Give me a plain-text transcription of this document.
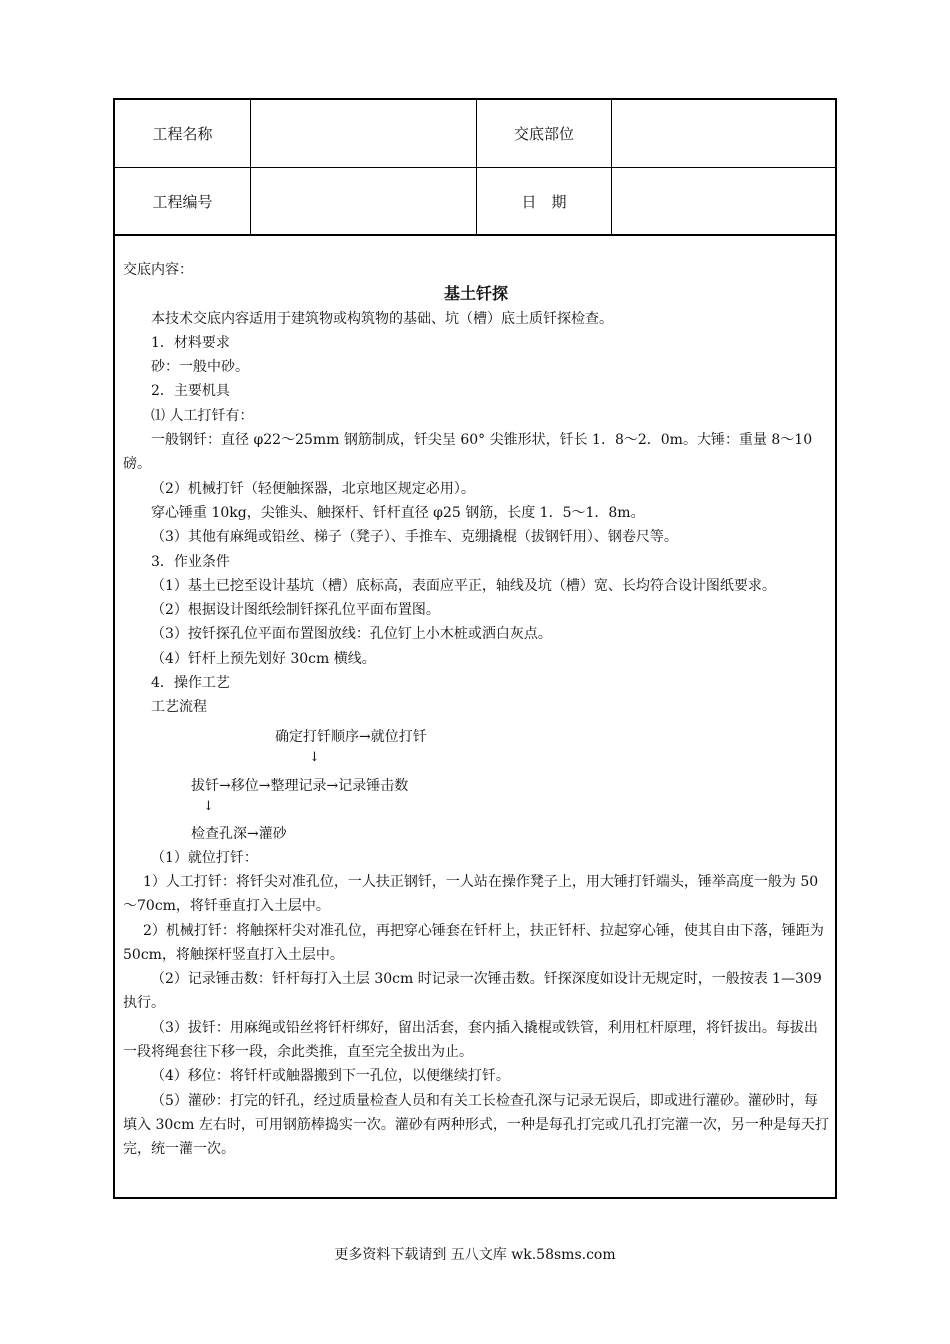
工程名称	交底部位
工程编号	日　期

交底内容：

基土钎探

本技术交底内容适用于建筑物或构筑物的基础、坑（槽）底土质钎探检查。

1．材料要求

砂：一般中砂。

2．主要机具

⑴ 人工打钎有：

一般钢钎：直径 φ22～25mm 钢筋制成，钎尖呈 60° 尖锥形状，钎长 1．8～2．0m。大锤：重量 8～10 磅。

（2）机械打钎（轻便触探器，北京地区规定必用）。

穿心锤重 10kg，尖锥头、触探杆、钎杆直径 φ25 钢筋，长度 1．5～1．8m。

（3）其他有麻绳或铅丝、梯子（凳子）、手推车、克绷撬棍（拔钢钎用）、钢卷尺等。

3．作业条件

（1）基土已挖至设计基坑（槽）底标高，表面应平正，轴线及坑（槽）宽、长均符合设计图纸要求。

（2）根据设计图纸绘制钎探孔位平面布置图。

（3）按钎探孔位平面布置图放线：孔位钉上小木桩或洒白灰点。

（4）钎杆上预先划好 30cm 横线。

4．操作工艺

工艺流程

确定打钎顺序→就位打钎
↓
拔钎→移位→整理记录→记录锤击数
↓
检查孔深→灌砂

（1）就位打钎：

1）人工打钎：将钎尖对准孔位，一人扶正钢钎，一人站在操作凳子上，用大锤打钎端头，锤举高度一般为 50～70cm，将钎垂直打入土层中。

2）机械打钎：将触探杆尖对准孔位，再把穿心锤套在钎杆上，扶正钎杆、拉起穿心锤，使其自由下落，锤距为 50cm，将触探杆竖直打入土层中。

（2）记录锤击数：钎杆每打入土层 30cm 时记录一次锤击数。钎探深度如设计无规定时，一般按表 1—309 执行。

（3）拔钎：用麻绳或铅丝将钎杆绑好，留出活套，套内插入撬棍或铁管，利用杠杆原理，将钎拔出。每拔出一段将绳套往下移一段，余此类推，直至完全拔出为止。

（4）移位：将钎杆或触器搬到下一孔位，以便继续打钎。

（5）灌砂：打完的钎孔，经过质量检查人员和有关工长检查孔深与记录无误后，即或进行灌砂。灌砂时，每填入 30cm 左右时，可用钢筋棒捣实一次。灌砂有两种形式，一种是每孔打完或几孔打完灌一次，另一种是每天打完，统一灌一次。

更多资料下载请到 五八文库 wk.58sms.com
